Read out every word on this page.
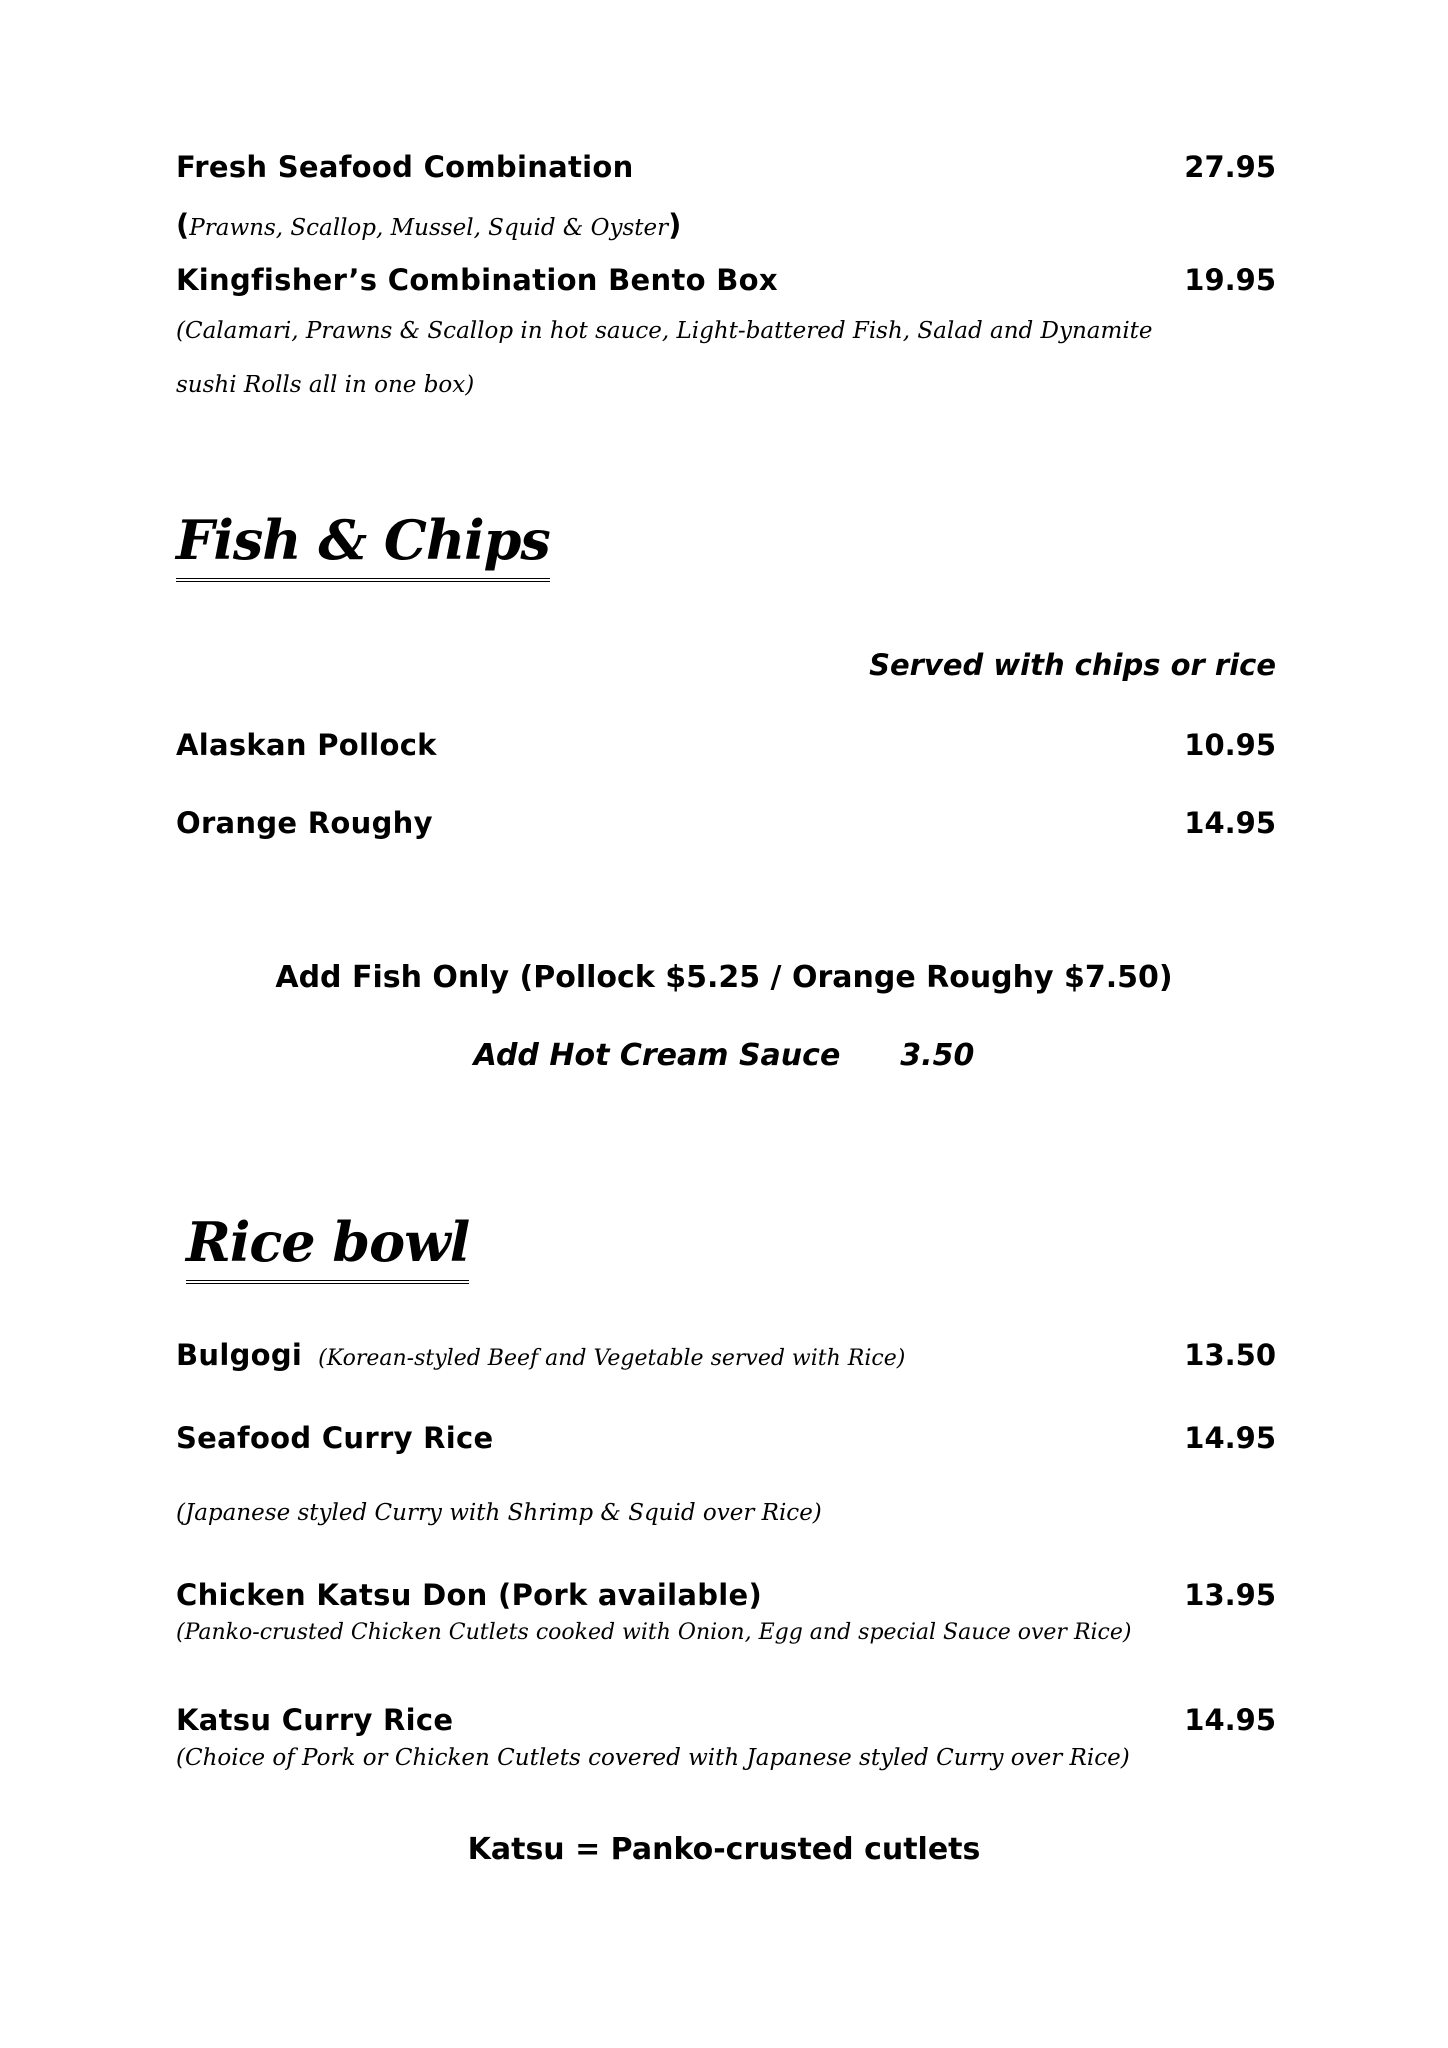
Fresh Seafood Combination	27.95
(Prawns, Scallop, Mussel, Squid & Oyster)
Kingfisher’s Combination Bento Box	19.95
(Calamari, Prawns & Scallop in hot sauce, Light-battered Fish, Salad and Dynamite
sushi Rolls all in one box)
Fish & Chips
Served with chips or rice
Alaskan Pollock	10.95
Orange Roughy	14.95
Add Fish Only (Pollock $5.25 / Orange Roughy $7.50)
Add Hot Cream Sauce 3.50
Rice bowl
Bulgogi (Korean-styled Beef and Vegetable served with Rice)	13.50
Seafood Curry Rice	14.95
(Japanese styled Curry with Shrimp & Squid over Rice)
Chicken Katsu Don (Pork available)	13.95
(Panko-crusted Chicken Cutlets cooked with Onion, Egg and special Sauce over Rice)
Katsu Curry Rice	14.95
(Choice of Pork or Chicken Cutlets covered with Japanese styled Curry over Rice)
Katsu = Panko-crusted cutlets
